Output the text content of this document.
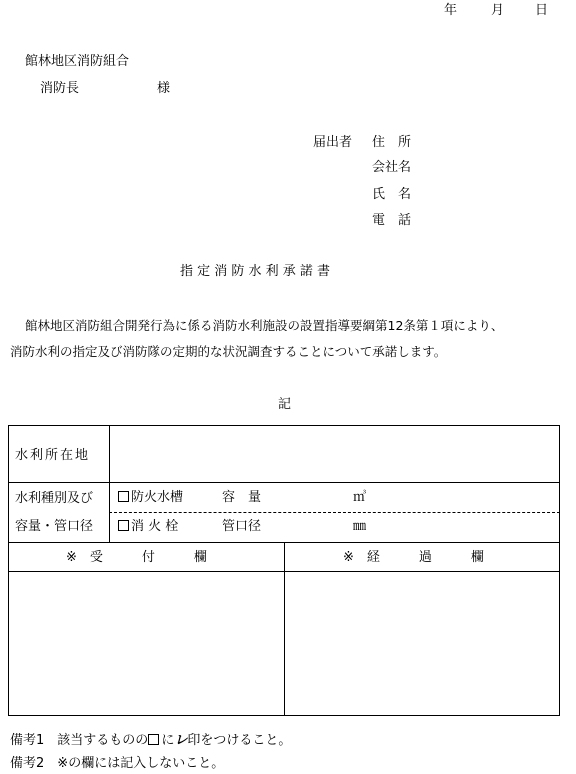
年	月 日
館林地区消防組合
消防長	様
届出者 住　所
会社名
氏　名
電　話
指 定 消 防 水 利 承 諾 書
館林地区消防組合開発行為に係る消防水利施設の設置指導要綱第12条第１項により、
消防水利の指定及び消防隊の定期的な状況調査することについて承諾します。
記
水利所在地
水利種別及び
容量・管口径
防火水槽	容　量	㎥
消 火 栓	管口径	㎜
※　受　　　付　　　欄	※　経　　　過　　　欄
備考1　 該当するものの にレ印をつけること。
備考2　 ※の欄には記入しないこと。
